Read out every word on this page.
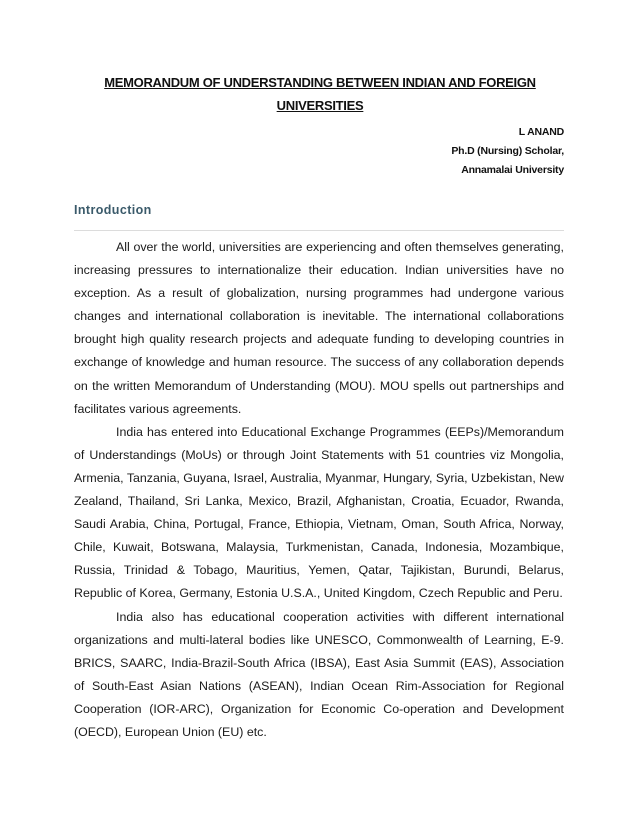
MEMORANDUM OF UNDERSTANDING BETWEEN INDIAN AND FOREIGN
UNIVERSITIES
L ANAND
Ph.D (Nursing) Scholar,
Annamalai University
Introduction

All over the world, universities are experiencing and often themselves generating, increasing pressures to internationalize their education. Indian universities have no exception. As a result of globalization, nursing programmes had undergone various changes and international collaboration is inevitable. The international collaborations brought high quality research projects and adequate funding to developing countries in exchange of knowledge and human resource. The success of any collaboration depends on the written Memorandum of Understanding (MOU). MOU spells out partnerships and facilitates various agreements.

India has entered into Educational Exchange Programmes (EEPs)/Memorandum of Understandings (MoUs) or through Joint Statements with 51 countries viz Mongolia, Armenia, Tanzania, Guyana, Israel, Australia, Myanmar, Hungary, Syria, Uzbekistan, New Zealand, Thailand, Sri Lanka, Mexico, Brazil, Afghanistan, Croatia, Ecuador, Rwanda, Saudi Arabia, China, Portugal, France, Ethiopia, Vietnam, Oman, South Africa, Norway, Chile, Kuwait, Botswana, Malaysia, Turkmenistan, Canada, Indonesia, Mozambique, Russia, Trinidad & Tobago, Mauritius, Yemen, Qatar, Tajikistan, Burundi, Belarus, Republic of Korea, Germany, Estonia U.S.A., United Kingdom, Czech Republic and Peru.

India also has educational cooperation activities with different international organizations and multi-lateral bodies like UNESCO, Commonwealth of Learning, E-9. BRICS, SAARC, India-Brazil-South Africa (IBSA), East Asia Summit (EAS), Association of South-East Asian Nations (ASEAN), Indian Ocean Rim-Association for Regional Cooperation (IOR-ARC), Organization for Economic Co-operation and Development (OECD), European Union (EU) etc.
